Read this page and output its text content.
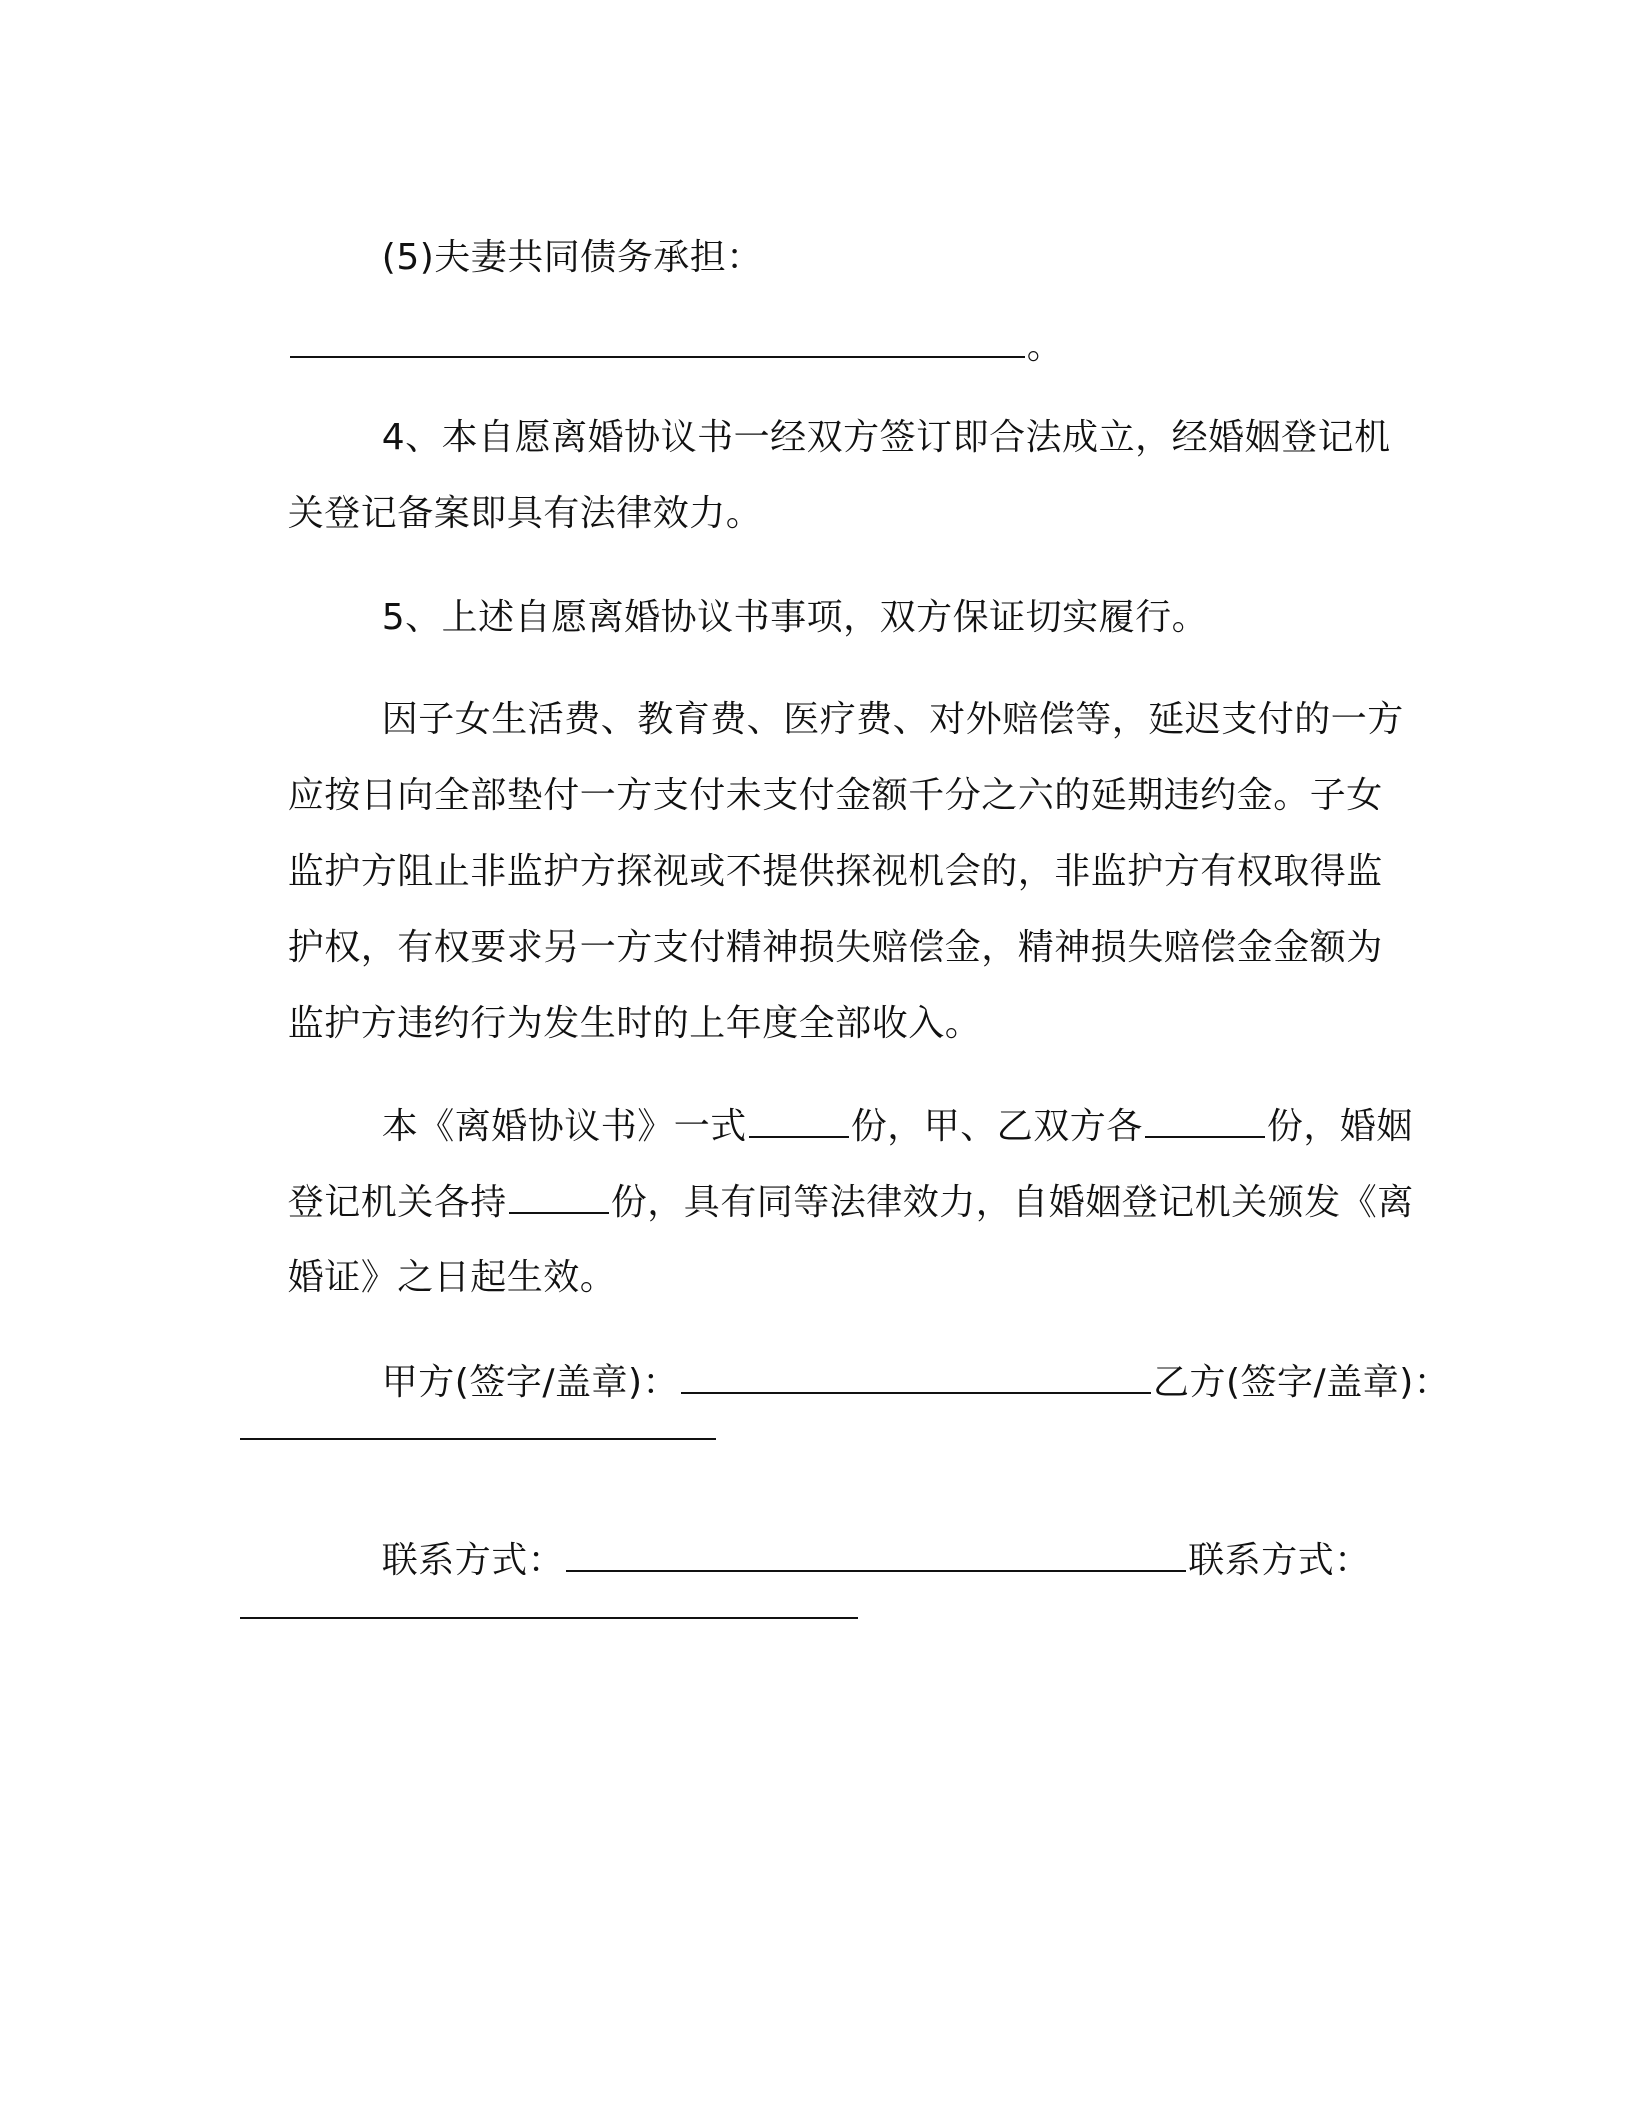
(5)夫妻共同债务承担：

。

4、本自愿离婚协议书一经双方签订即合法成立，经婚姻登记机

关登记备案即具有法律效力。

5、上述自愿离婚协议书事项，双方保证切实履行。

因子女生活费、教育费、医疗费、对外赔偿等，延迟支付的一方

应按日向全部垫付一方支付未支付金额千分之六的延期违约金。子女

监护方阻止非监护方探视或不提供探视机会的，非监护方有权取得监

护权，有权要求另一方支付精神损失赔偿金，精神损失赔偿金金额为

监护方违约行为发生时的上年度全部收入。

本《离婚协议书》一式	份，甲、乙双方各	份，婚姻

登记机关各持	份，具有同等法律效力，自婚姻登记机关颁发《离

婚证》之日起生效。

甲方(签字/盖章)：	乙方(签字/盖章)：

联系方式：	联系方式：
